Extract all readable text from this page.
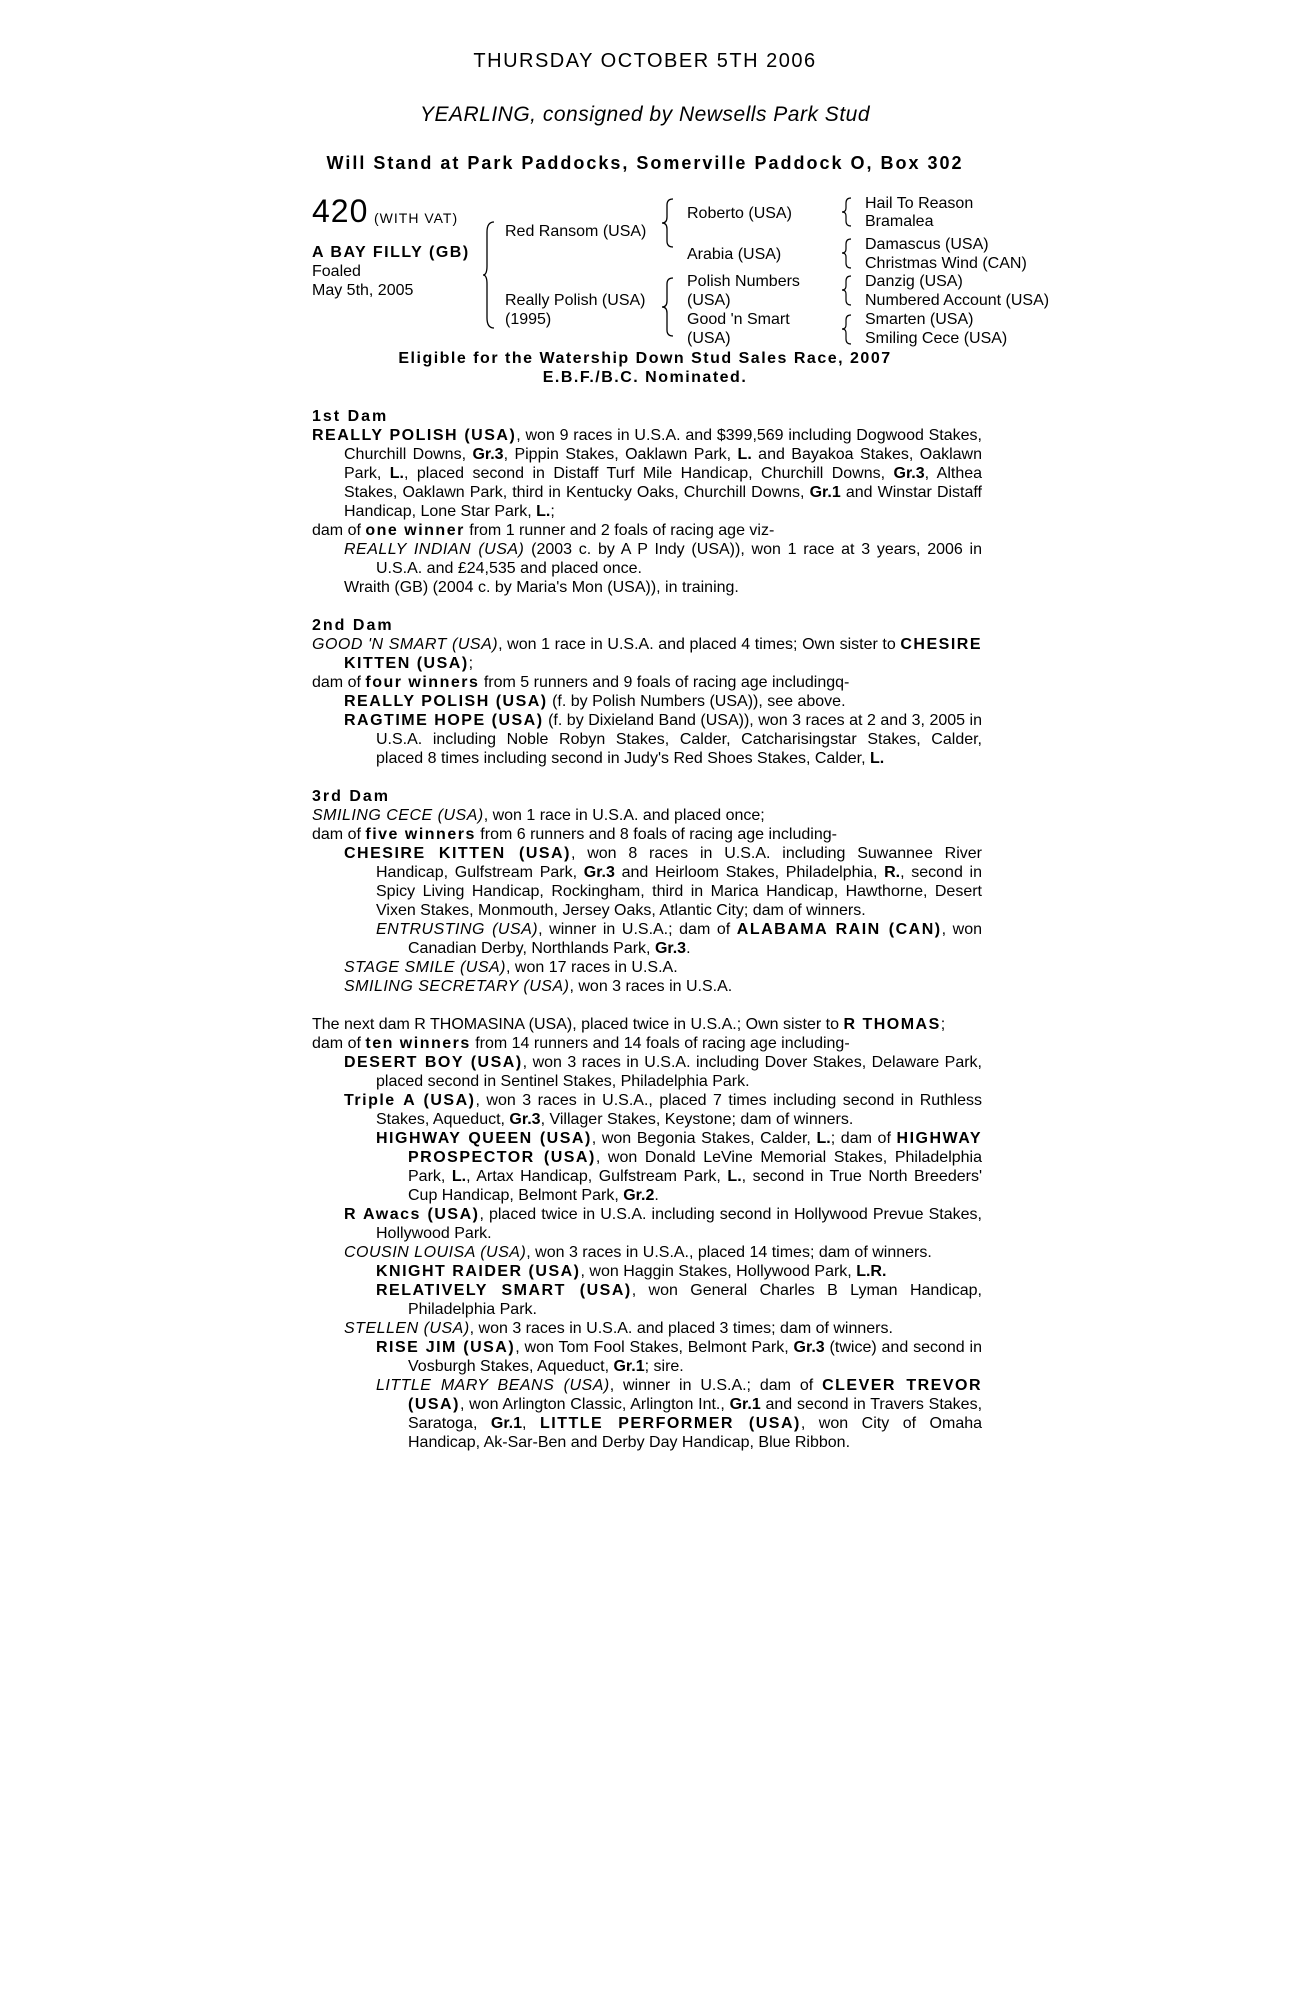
THURSDAY OCTOBER 5TH 2006
YEARLING, consigned by Newsells Park Stud
Will Stand at Park Paddocks, Somerville Paddock O, Box 302
420 (WITH VAT)
A BAY FILLY (GB)
Foaled
May 5th, 2005
Red Ransom (USA)
Really Polish (USA)
(1995)
Roberto (USA)
Arabia (USA)
Polish Numbers
(USA)
Good 'n Smart
(USA)
Hail To Reason
Bramalea
Damascus (USA)
Christmas Wind (CAN)
Danzig (USA)
Numbered Account (USA)
Smarten (USA)
Smiling Cece (USA)
Eligible for the Watership Down Stud Sales Race, 2007
E.B.F./B.C. Nominated.
1st Dam
REALLY POLISH (USA), won 9 races in U.S.A. and $399,569 including Dogwood Stakes, Churchill Downs, Gr.3, Pippin Stakes, Oaklawn Park, L. and Bayakoa Stakes, Oaklawn Park, L., placed second in Distaff Turf Mile Handicap, Churchill Downs, Gr.3, Althea Stakes, Oaklawn Park, third in Kentucky Oaks, Churchill Downs, Gr.1 and Winstar Distaff Handicap, Lone Star Park, L.;
dam of one winner from 1 runner and 2 foals of racing age viz-
REALLY INDIAN (USA) (2003 c. by A P Indy (USA)), won 1 race at 3 years, 2006 in U.S.A. and £24,535 and placed once.
Wraith (GB) (2004 c. by Maria's Mon (USA)), in training.
2nd Dam
GOOD 'N SMART (USA), won 1 race in U.S.A. and placed 4 times; Own sister to CHESIRE KITTEN (USA);
dam of four winners from 5 runners and 9 foals of racing age includingq-
REALLY POLISH (USA) (f. by Polish Numbers (USA)), see above.
RAGTIME HOPE (USA) (f. by Dixieland Band (USA)), won 3 races at 2 and 3, 2005 in U.S.A. including Noble Robyn Stakes, Calder, Catcharisingstar Stakes, Calder, placed 8 times including second in Judy's Red Shoes Stakes, Calder, L.
3rd Dam
SMILING CECE (USA), won 1 race in U.S.A. and placed once;
dam of five winners from 6 runners and 8 foals of racing age including-
CHESIRE KITTEN (USA), won 8 races in U.S.A. including Suwannee River Handicap, Gulfstream Park, Gr.3 and Heirloom Stakes, Philadelphia, R., second in Spicy Living Handicap, Rockingham, third in Marica Handicap, Hawthorne, Desert Vixen Stakes, Monmouth, Jersey Oaks, Atlantic City; dam of winners.
ENTRUSTING (USA), winner in U.S.A.; dam of ALABAMA RAIN (CAN), won Canadian Derby, Northlands Park, Gr.3.
STAGE SMILE (USA), won 17 races in U.S.A.
SMILING SECRETARY (USA), won 3 races in U.S.A.
The next dam R THOMASINA (USA), placed twice in U.S.A.; Own sister to R THOMAS;
dam of ten winners from 14 runners and 14 foals of racing age including-
DESERT BOY (USA), won 3 races in U.S.A. including Dover Stakes, Delaware Park, placed second in Sentinel Stakes, Philadelphia Park.
Triple A (USA), won 3 races in U.S.A., placed 7 times including second in Ruthless Stakes, Aqueduct, Gr.3, Villager Stakes, Keystone; dam of winners.
HIGHWAY QUEEN (USA), won Begonia Stakes, Calder, L.; dam of HIGHWAY PROSPECTOR (USA), won Donald LeVine Memorial Stakes, Philadelphia Park, L., Artax Handicap, Gulfstream Park, L., second in True North Breeders' Cup Handicap, Belmont Park, Gr.2.
R Awacs (USA), placed twice in U.S.A. including second in Hollywood Prevue Stakes, Hollywood Park.
COUSIN LOUISA (USA), won 3 races in U.S.A., placed 14 times; dam of winners.
KNIGHT RAIDER (USA), won Haggin Stakes, Hollywood Park, L.R.
RELATIVELY SMART (USA), won General Charles B Lyman Handicap, Philadelphia Park.
STELLEN (USA), won 3 races in U.S.A. and placed 3 times; dam of winners.
RISE JIM (USA), won Tom Fool Stakes, Belmont Park, Gr.3 (twice) and second in Vosburgh Stakes, Aqueduct, Gr.1; sire.
LITTLE MARY BEANS (USA), winner in U.S.A.; dam of CLEVER TREVOR (USA), won Arlington Classic, Arlington Int., Gr.1 and second in Travers Stakes, Saratoga, Gr.1, LITTLE PERFORMER (USA), won City of Omaha Handicap, Ak-Sar-Ben and Derby Day Handicap, Blue Ribbon.
